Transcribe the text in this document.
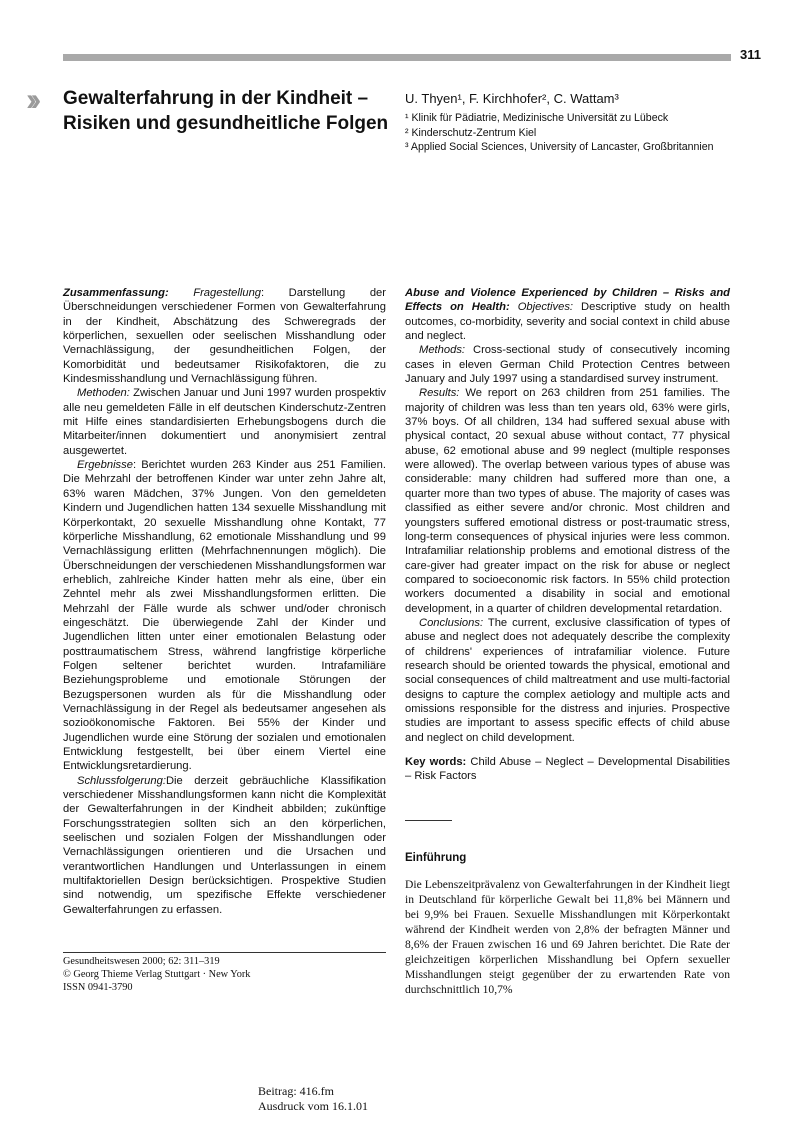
311
›› Gewalterfahrung in der Kindheit –
Risiken und gesundheitliche Folgen
U. Thyen¹, F. Kirchhofer², C. Wattam³
¹ Klinik für Pädiatrie, Medizinische Universität zu Lübeck
² Kinderschutz-Zentrum Kiel
³ Applied Social Sciences, University of Lancaster, Großbritannien

Zusammenfassung: Fragestellung: Darstellung der Überschneidungen verschiedener Formen von Gewalterfahrung in der Kindheit, Abschätzung des Schweregrads der körperlichen, sexuellen oder seelischen Misshandlung oder Vernachlässigung, der gesundheitlichen Folgen, der Komorbidität und bedeutsamer Risikofaktoren, die zu Kindesmisshandlung und Vernachlässigung führen.

Methoden: Zwischen Januar und Juni 1997 wurden prospektiv alle neu gemeldeten Fälle in elf deutschen Kinderschutz-Zentren mit Hilfe eines standardisierten Erhebungsbogens durch die Mitarbeiter/innen dokumentiert und anonymisiert zentral ausgewertet.

Ergebnisse: Berichtet wurden 263 Kinder aus 251 Familien. Die Mehrzahl der betroffenen Kinder war unter zehn Jahre alt, 63% waren Mädchen, 37% Jungen. Von den gemeldeten Kindern und Jugendlichen hatten 134 sexuelle Misshandlung mit Körperkontakt, 20 sexuelle Misshandlung ohne Kontakt, 77 körperliche Misshandlung, 62 emotionale Misshandlung und 99 Vernachlässigung erlitten (Mehrfachnennungen möglich). Die Überschneidungen der verschiedenen Misshandlungsformen war erheblich, zahlreiche Kinder hatten mehr als eine, über ein Zehntel mehr als zwei Misshandlungsformen erlitten. Die Mehrzahl der Fälle wurde als schwer und/oder chronisch eingeschätzt. Die überwiegende Zahl der Kinder und Jugendlichen litten unter einer emotionalen Belastung oder posttraumatischem Stress, während langfristige körperliche Folgen seltener berichtet wurden. Intrafamiliäre Beziehungsprobleme und emotionale Störungen der Bezugspersonen wurden als für die Misshandlung oder Vernachlässigung in der Regel als bedeutsamer angesehen als sozioökonomische Faktoren. Bei 55% der Kinder und Jugendlichen wurde eine Störung der sozialen und emotionalen Entwicklung festgestellt, bei über einem Viertel eine Entwicklungsretardierung.

Schlussfolgerung:Die derzeit gebräuchliche Klassifikation verschiedener Misshandlungsformen kann nicht die Komplexität der Gewalterfahrungen in der Kindheit abbilden; zukünftige Forschungsstrategien sollten sich an den körperlichen, seelischen und sozialen Folgen der Misshandlungen oder Vernachlässigungen orientieren und die Ursachen und verantwortlichen Handlungen und Unterlassungen in einem multifaktoriellen Design berücksichtigen. Prospektive Studien sind notwendig, um spezifische Effekte verschiedener Gewalterfahrungen zu erfassen.

Abuse and Violence Experienced by Children – Risks and Effects on Health: Objectives: Descriptive study on health outcomes, co-morbidity, severity and social context in child abuse and neglect.

Methods: Cross-sectional study of consecutively incoming cases in eleven German Child Protection Centres between January and July 1997 using a standardised survey instrument.

Results: We report on 263 children from 251 families. The majority of children was less than ten years old, 63% were girls, 37% boys. Of all children, 134 had suffered sexual abuse with physical contact, 20 sexual abuse without contact, 77 physical abuse, 62 emotional abuse and 99 neglect (multiple responses were allowed). The overlap between various types of abuse was considerable: many children had suffered more than one, a quarter more than two types of abuse. The majority of cases was classified as either severe and/or chronic. Most children and youngsters suffered emotional distress or post-traumatic stress, long-term consequences of physical injuries were less common. Intrafamiliar relationship problems and emotional distress of the care-giver had greater impact on the risk for abuse or neglect compared to socioeconomic risk factors. In 55% child protection workers documented a disability in social and emotional development, in a quarter of children developmental retardation.

Conclusions: The current, exclusive classification of types of abuse and neglect does not adequately describe the complexity of childrens' experiences of intrafamiliar violence. Future research should be oriented towards the physical, emotional and social consequences of child maltreatment and use multi-factorial designs to capture the complex aetiology and multiple acts and omissions responsible for the distress and injuries. Prospective studies are important to assess specific effects of child abuse and neglect on child development.

Key words: Child Abuse – Neglect – Developmental Disabilities – Risk Factors

Einführung

Die Lebenszeitprävalenz von Gewalterfahrungen in der Kindheit liegt in Deutschland für körperliche Gewalt bei 11,8% bei Männern und bei 9,9% bei Frauen. Sexuelle Misshandlungen mit Körperkontakt während der Kindheit werden von 2,8% der befragten Männer und 8,6% der Frauen zwischen 16 und 69 Jahren berichtet. Die Rate der gleichzeitigen körperlichen Misshandlung bei Opfern sexueller Misshandlungen steigt gegenüber der zu erwartenden Rate von durchschnittlich 10,7%

Gesundheitswesen 2000; 62: 311–319
© Georg Thieme Verlag Stuttgart · New York
ISSN 0941-3790
Beitrag: 416.fm
Ausdruck vom 16.1.01
